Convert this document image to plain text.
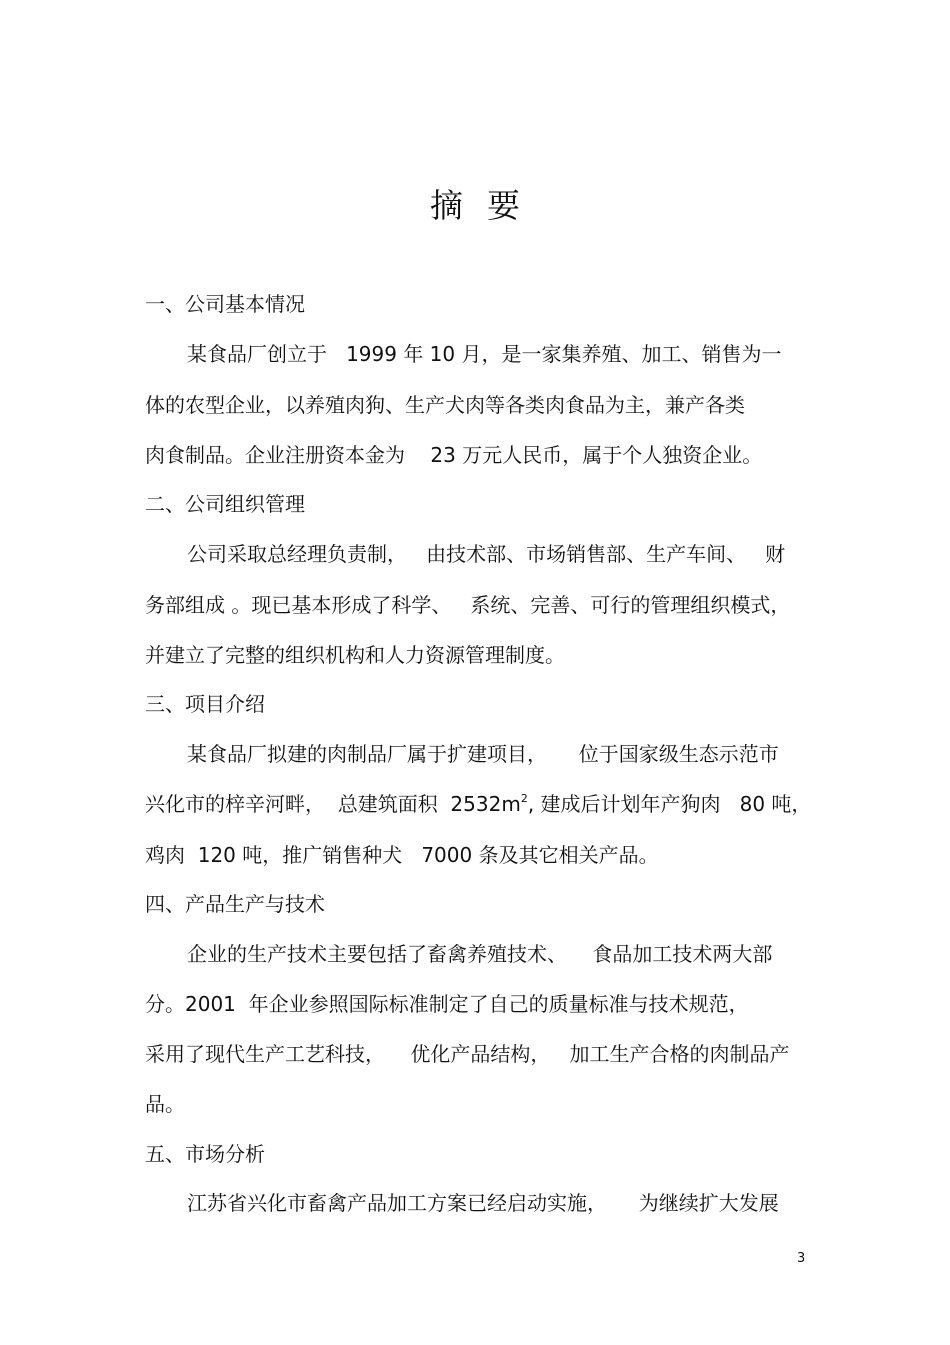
摘 要
一、公司基本情况
某食品厂创立于   1999 年 10 月，是一家集养殖、加工、销售为一
体的农型企业，以养殖肉狗、生产犬肉等各类肉食品为主，兼产各类
肉食制品。企业注册资本金为    23 万元人民币，属于个人独资企业。
二、公司组织管理
公司采取总经理负责制，   由技术部、市场销售部、生产车间、   财
务部组成 。现已基本形成了科学、   系统、完善、可行的管理组织模式，
并建立了完整的组织机构和人力资源管理制度。
三、项目介绍
某食品厂拟建的肉制品厂属于扩建项目，     位于国家级生态示范市
兴化市的梓辛河畔，  总建筑面积  $2532m^2$, 建成后计划年产狗肉   80 吨，
鸡肉  120 吨，推广销售种犬   7000 条及其它相关产品。
四、产品生产与技术
企业的生产技术主要包括了畜禽养殖技术、    食品加工技术两大部
分。2001  年企业参照国际标准制定了自己的质量标准与技术规范，
采用了现代生产工艺科技，    优化产品结构，   加工生产合格的肉制品产
品。
五、市场分析
江苏省兴化市畜禽产品加工方案已经启动实施，     为继续扩大发展
3
